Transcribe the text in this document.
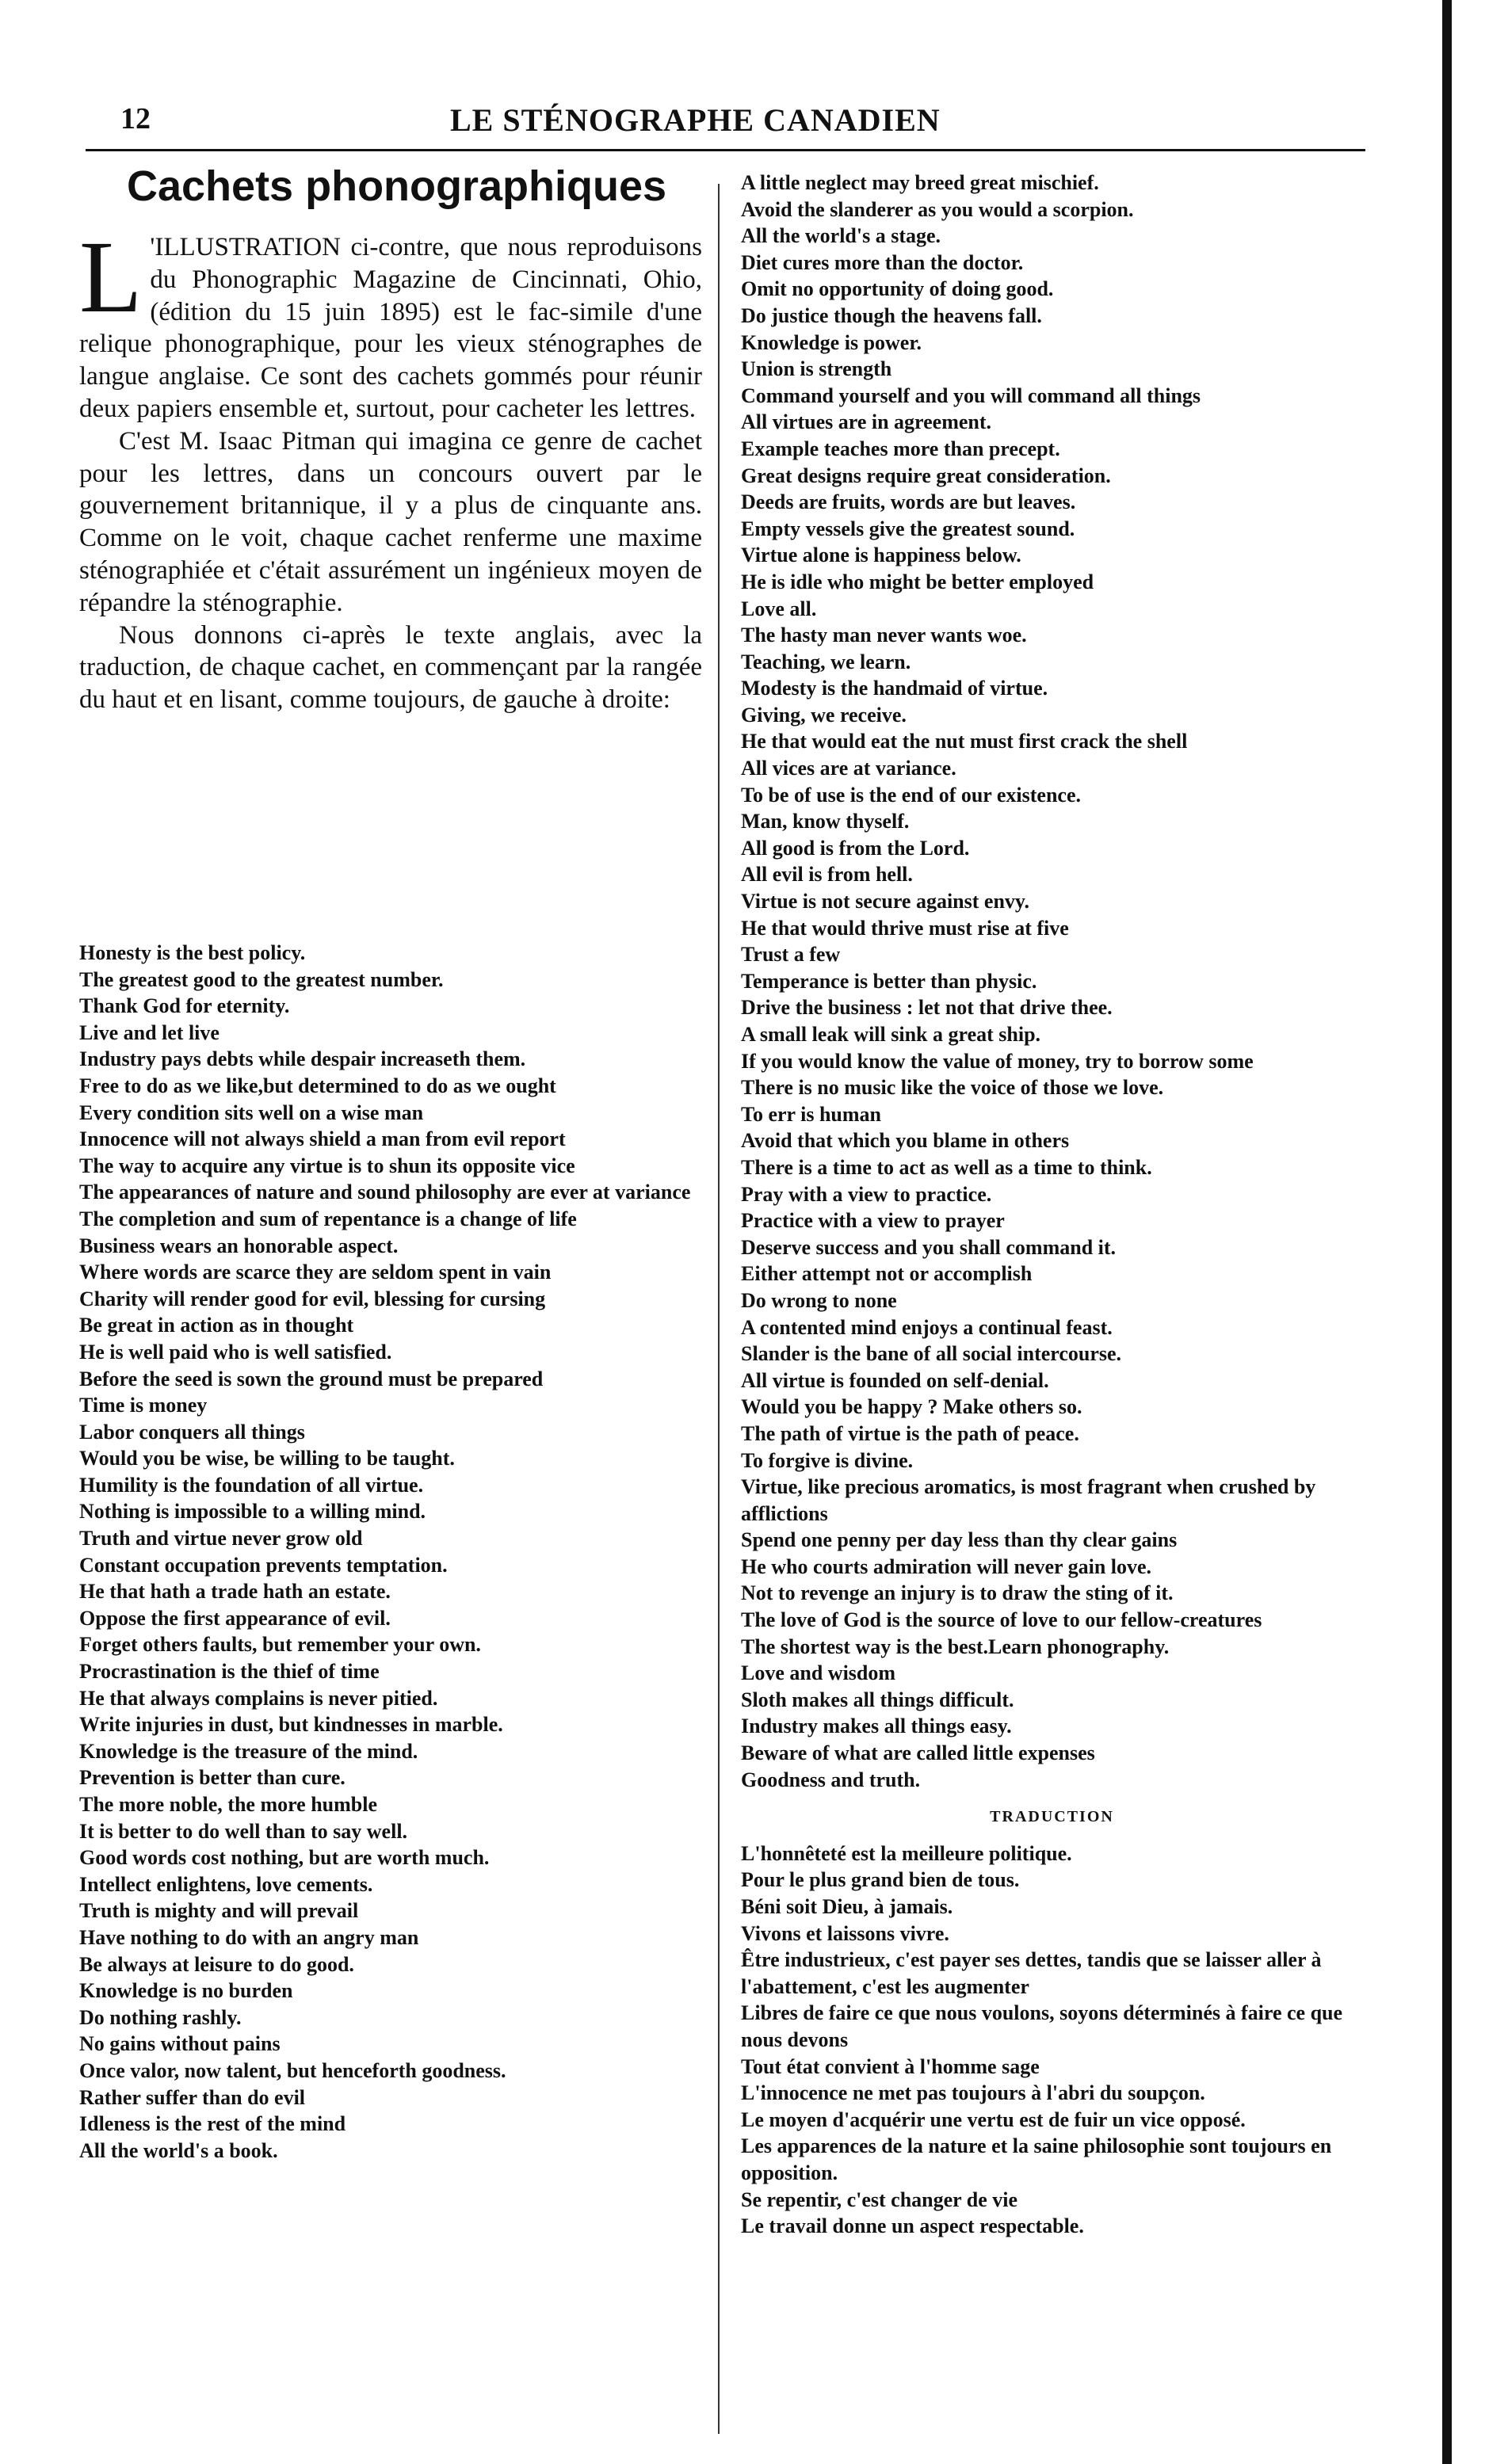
12	LE STÉNOGRAPHE CANADIEN
Cachets phonographiques
L 'ILLUSTRATION ci-contre, que nous reproduisons du Phonographic Magazine de Cincinnati, Ohio, (édition du 15 juin 1895) est le fac-simile d'une relique phonographique, pour les vieux sténographes de langue anglaise. Ce sont des cachets gommés pour réunir deux papiers ensemble et, surtout, pour cacheter les lettres.

C'est M. Isaac Pitman qui imagina ce genre de cachet pour les lettres, dans un concours ouvert par le gouvernement britannique, il y a plus de cinquante ans. Comme on le voit, chaque cachet renferme une maxime sténographiée et c'était assurément un ingénieux moyen de répandre la sténographie.

Nous donnons ci-après le texte anglais, avec la traduction, de chaque cachet, en commençant par la rangée du haut et en lisant, comme toujours, de gauche à droite:

Honesty is the best policy.
The greatest good to the greatest number.
Thank God for eternity.
Live and let live
Industry pays debts while despair increaseth them.
Free to do as we like,but determined to do as we ought
Every condition sits well on a wise man
Innocence will not always shield a man from evil report
The way to acquire any virtue is to shun its opposite vice
The appearances of nature and sound philosophy are ever at variance
The completion and sum of repentance is a change of life
Business wears an honorable aspect.
Where words are scarce they are seldom spent in vain
Charity will render good for evil, blessing for cursing
Be great in action as in thought
He is well paid who is well satisfied.
Before the seed is sown the ground must be prepared
Time is money
Labor conquers all things
Would you be wise, be willing to be taught.
Humility is the foundation of all virtue.
Nothing is impossible to a willing mind.
Truth and virtue never grow old
Constant occupation prevents temptation.
He that hath a trade hath an estate.
Oppose the first appearance of evil.
Forget others faults, but remember your own.
Procrastination is the thief of time
He that always complains is never pitied.
Write injuries in dust, but kindnesses in marble.
Knowledge is the treasure of the mind.
Prevention is better than cure.
The more noble, the more humble
It is better to do well than to say well.
Good words cost nothing, but are worth much.
Intellect enlightens, love cements.
Truth is mighty and will prevail
Have nothing to do with an angry man
Be always at leisure to do good.
Knowledge is no burden
Do nothing rashly.
No gains without pains
Once valor, now talent, but henceforth goodness.
Rather suffer than do evil
Idleness is the rest of the mind
All the world's a book.
A little neglect may breed great mischief.
Avoid the slanderer as you would a scorpion.
All the world's a stage.
Diet cures more than the doctor.
Omit no opportunity of doing good.
Do justice though the heavens fall.
Knowledge is power.
Union is strength
Command yourself and you will command all things
All virtues are in agreement.
Example teaches more than precept.
Great designs require great consideration.
Deeds are fruits, words are but leaves.
Empty vessels give the greatest sound.
Virtue alone is happiness below.
He is idle who might be better employed
Love all.
The hasty man never wants woe.
Teaching, we learn.
Modesty is the handmaid of virtue.
Giving, we receive.
He that would eat the nut must first crack the shell
All vices are at variance.
To be of use is the end of our existence.
Man, know thyself.
All good is from the Lord.
All evil is from hell.
Virtue is not secure against envy.
He that would thrive must rise at five
Trust a few
Temperance is better than physic.
Drive the business : let not that drive thee.
A small leak will sink a great ship.
If you would know the value of money, try to borrow some
There is no music like the voice of those we love.
To err is human
Avoid that which you blame in others
There is a time to act as well as a time to think.
Pray with a view to practice.
Practice with a view to prayer
Deserve success and you shall command it.
Either attempt not or accomplish
Do wrong to none
A contented mind enjoys a continual feast.
Slander is the bane of all social intercourse.
All virtue is founded on self-denial.
Would you be happy ? Make others so.
The path of virtue is the path of peace.
To forgive is divine.
Virtue, like precious aromatics, is most fragrant when crushed by afflictions
Spend one penny per day less than thy clear gains
He who courts admiration will never gain love.
Not to revenge an injury is to draw the sting of it.
The love of God is the source of love to our fellow-creatures
The shortest way is the best.Learn phonography.
Love and wisdom
Sloth makes all things difficult.
Industry makes all things easy.
Beware of what are called little expenses
Goodness and truth.
TRADUCTION
L'honnêteté est la meilleure politique.
Pour le plus grand bien de tous.
Béni soit Dieu, à jamais.
Vivons et laissons vivre.
Être industrieux, c'est payer ses dettes, tandis que se laisser aller à l'abattement, c'est les augmenter
Libres de faire ce que nous voulons, soyons déterminés à faire ce que nous devons
Tout état convient à l'homme sage
L'innocence ne met pas toujours à l'abri du soupçon.
Le moyen d'acquérir une vertu est de fuir un vice opposé.
Les apparences de la nature et la saine philosophie sont toujours en opposition.
Se repentir, c'est changer de vie
Le travail donne un aspect respectable.
